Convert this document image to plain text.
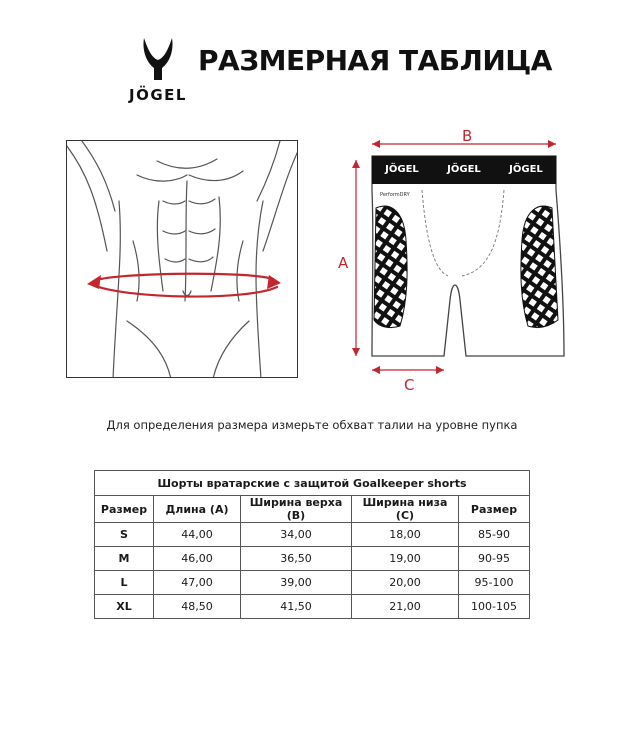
JÖGEL
РАЗМЕРНАЯ ТАБЛИЦА
JÖGEL	JÖGEL	JÖGEL
PerformDRY
B
A
C
Для определения размера измерьте обхват талии на уровне пупка
Шорты вратарские с защитой Goalkeeper shorts				
Размер	Длина (А)	Ширина верха (В)	Ширина низа (С)	Размер
S	44,00	34,00	18,00	85-90
M	46,00	36,50	19,00	90-95
L	47,00	39,00	20,00	95-100
XL	48,50	41,50	21,00	100-105
